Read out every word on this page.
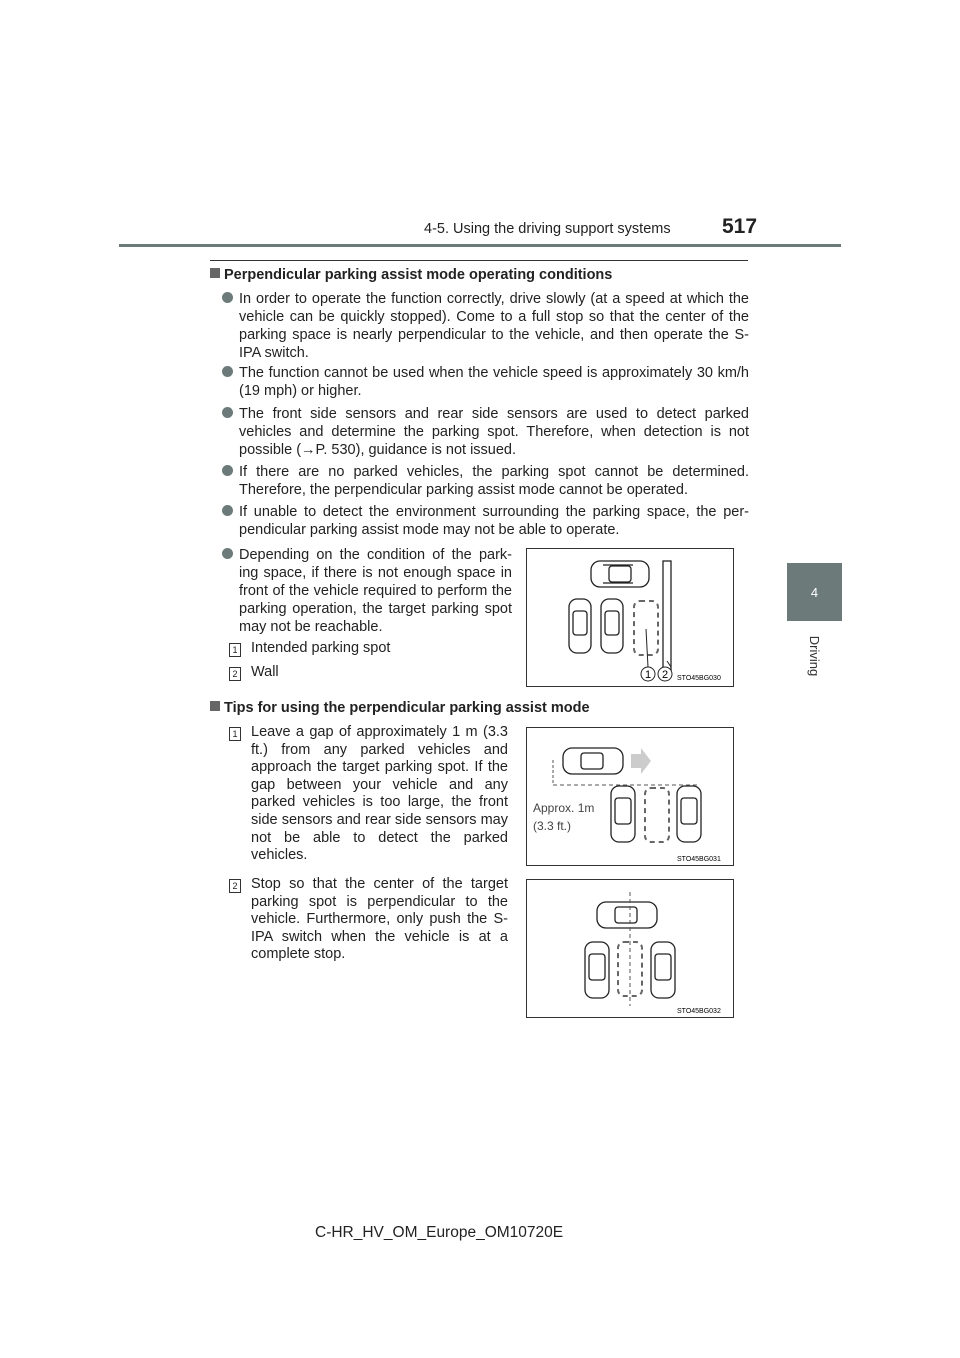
4-5. Using the driving support systems 517
4
Driving
Perpendicular parking assist mode operating conditions
In order to operate the function correctly, drive slowly (at a speed at which the vehicle can be quickly stopped). Come to a full stop so that the center of the parking space is nearly perpendicular to the vehicle, and then operate the S-IPA switch.
The function cannot be used when the vehicle speed is approximately 30 km/h (19 mph) or higher.
The front side sensors and rear side sensors are used to detect parked vehicles and determine the parking spot. Therefore, when detection is not possible (→P. 530), guidance is not issued.
If there are no parked vehicles, the parking spot cannot be determined. Therefore, the perpendicular parking assist mode cannot be operated.
If unable to detect the environment surrounding the parking space, the per-pendicular parking assist mode may not be able to operate.
Depending on the condition of the park-ing space, if there is not enough space in front of the vehicle required to perform the parking operation, the target parking spot may not be reachable.
1 Intended parking spot
2 Wall	1 2 STO45BG030
Tips for using the perpendicular parking assist mode
1 Leave a gap of approximately 1 m (3.3 ft.) from any parked vehicles and approach the target parking spot. If the gap between your vehicle and any parked vehicles is too large, the front side sensors and rear side sensors may not be able to detect the parked vehicles.
2 Stop so that the center of the target parking spot is perpendicular to the vehicle. Furthermore, only push the S-IPA switch when the vehicle is at a complete stop.
Approx. 1m
(3.3 ft.)
STO45BG031
STO45BG032
C-HR_HV_OM_Europe_OM10720E
